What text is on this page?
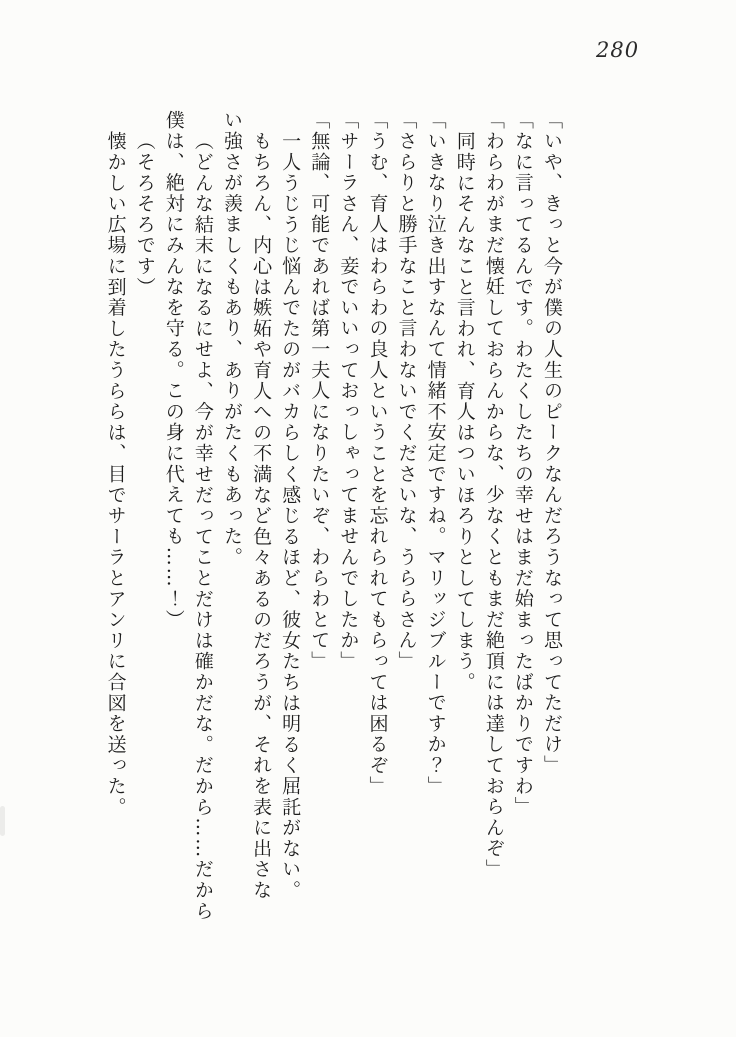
280
「いや、きっと今が僕の人生のピークなんだろうなって思ってただけ」
「なに言ってるんです。わたくしたちの幸せはまだ始まったばかりですわ」
「わらわがまだ懐妊しておらんからな、少なくともまだ絶頂には達しておらんぞ」
同時にそんなこと言われ、育人はついほろりとしてしまう。
「いきなり泣き出すなんて情緒不安定ですね。マリッジブルーですか？」
「さらりと勝手なこと言わないでくださいな、うららさん」
「うむ、育人はわらわの良人ということを忘れられてもらっては困るぞ」
「サーラさん、妾でいいっておっしゃってませんでしたか」
「無論、可能であれば第一夫人になりたいぞ、わらわとて」
一人うじうじ悩んでたのがバカらしく感じるほど、彼女たちは明るく屈託がない。
もちろん、内心は嫉妬や育人への不満など色々あるのだろうが、それを表に出さな
い強さが羨ましくもあり、ありがたくもあった。
（どんな結末になるにせよ、今が幸せだってことだけは確かだな。だから……だから
僕は、絶対にみんなを守る。この身に代えても……！）
（そろそろです）
懐かしい広場に到着したうららは、目でサーラとアンリに合図を送った。
